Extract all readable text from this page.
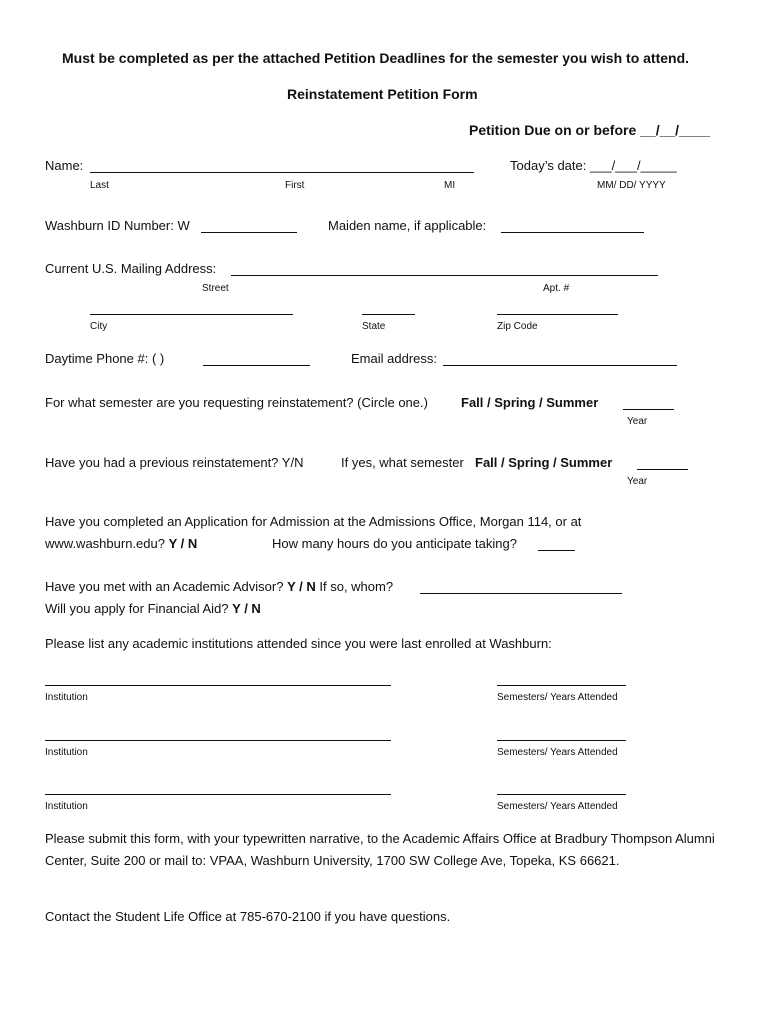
Must be completed as per the attached Petition Deadlines for the semester you wish to attend.
Reinstatement Petition Form
Petition Due on or before __/__/____
Name:
Last	First	MI
Today’s date: ___/___/_____
MM/ DD/ YYYY
Washburn ID Number: W	Maiden name, if applicable:
Current U.S. Mailing Address:
Street	Apt. #
City	State	Zip Code
Daytime Phone #: ( )	Email address:
For what semester are you requesting reinstatement? (Circle one.)	Fall / Spring / Summer
Year
Have you had a previous reinstatement? Y/N	If yes, what semester Fall / Spring / Summer
Year
Have you completed an Application for Admission at the Admissions Office, Morgan 114, or at
www.washburn.edu? Y / N	How many hours do you anticipate taking?
Have you met with an Academic Advisor? Y / N If so, whom?
Will you apply for Financial Aid? Y / N
Please list any academic institutions attended since you were last enrolled at Washburn:
Institution	Semesters/ Years Attended
Institution	Semesters/ Years Attended
Institution	Semesters/ Years Attended
Please submit this form, with your typewritten narrative, to the Academic Affairs Office at Bradbury Thompson Alumni Center, Suite 200 or mail to: VPAA, Washburn University, 1700 SW College Ave, Topeka, KS 66621.
Contact the Student Life Office at 785-670-2100 if you have questions.
